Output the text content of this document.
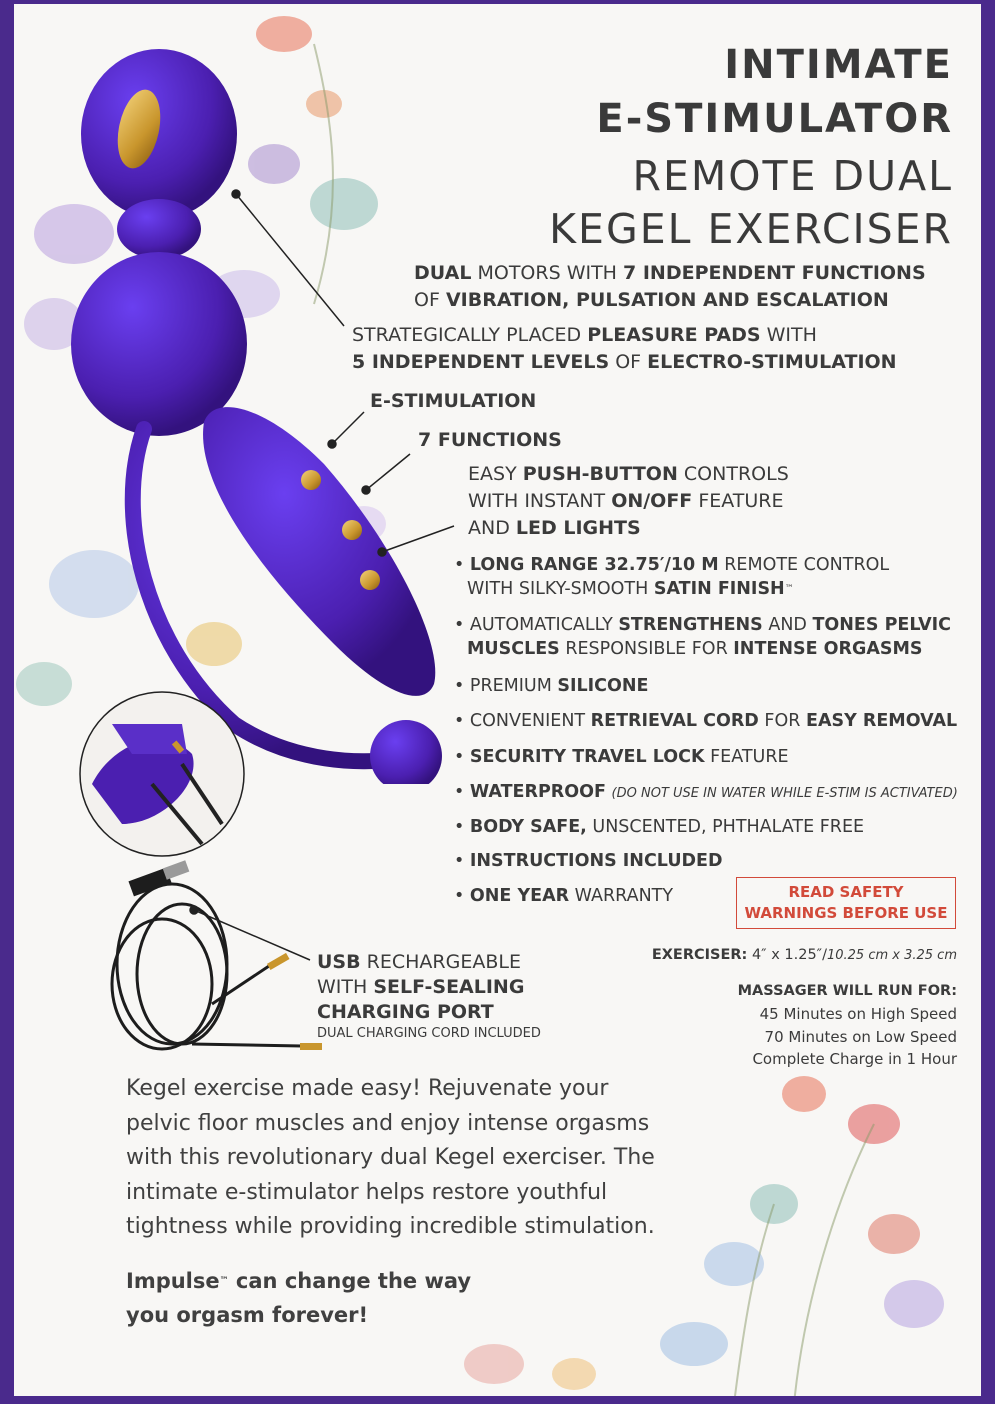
INTIMATE
E-STIMULATOR
REMOTE DUAL
KEGEL EXERCISER
DUAL MOTORS WITH 7 INDEPENDENT FUNCTIONS
OF VIBRATION, PULSATION AND ESCALATION
STRATEGICALLY PLACED PLEASURE PADS WITH
5 INDEPENDENT LEVELS OF ELECTRO-STIMULATION
E-STIMULATION
7 FUNCTIONS
EASY PUSH-BUTTON CONTROLS
WITH INSTANT ON/OFF FEATURE
AND LED LIGHTS
• LONG RANGE 32.75′/10 M REMOTE CONTROL
WITH SILKY-SMOOTH SATIN FINISH™
• AUTOMATICALLY STRENGTHENS AND TONES PELVIC
MUSCLES RESPONSIBLE FOR INTENSE ORGASMS
• PREMIUM SILICONE
• CONVENIENT RETRIEVAL CORD FOR EASY REMOVAL
• SECURITY TRAVEL LOCK FEATURE
• WATERPROOF (DO NOT USE IN WATER WHILE E-STIM IS ACTIVATED)
• BODY SAFE, UNSCENTED, PHTHALATE FREE
• INSTRUCTIONS INCLUDED
• ONE YEAR WARRANTY	READ SAFETY
WARNINGS BEFORE USE
USB RECHARGEABLE
WITH SELF-SEALING
CHARGING PORT
DUAL CHARGING CORD INCLUDED
EXERCISER: 4″ x 1.25″/10.25 cm x 3.25 cm
MASSAGER WILL RUN FOR:
45 Minutes on High Speed
70 Minutes on Low Speed
Complete Charge in 1 Hour
Kegel exercise made easy! Rejuvenate your pelvic floor muscles and enjoy intense orgasms with this revolutionary dual Kegel exerciser. The intimate e-stimulator helps restore youthful tightness while providing incredible stimulation.
Impulse™ can change the way
you orgasm forever!
